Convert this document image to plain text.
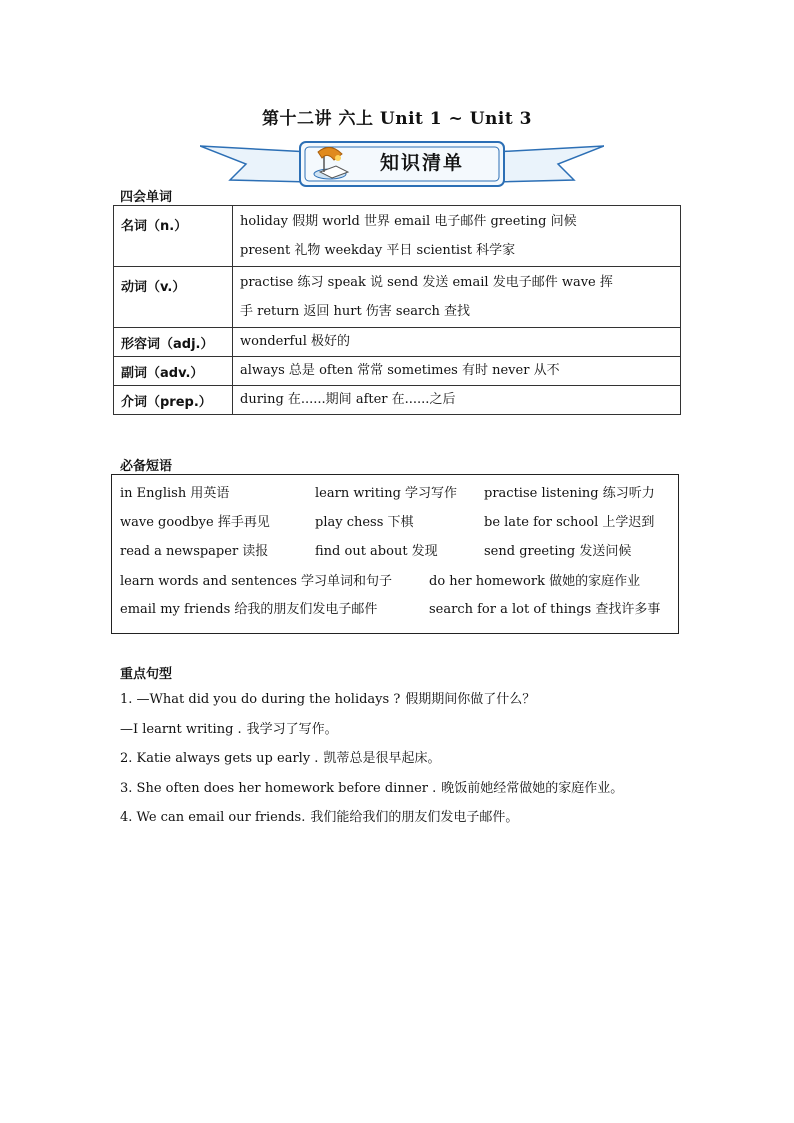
第十二讲 六上 Unit 1 ~ Unit 3
知识清单
四会单词
名词（n.）	holiday 假期 world 世界 email 电子邮件 greeting 问候
present 礼物 weekday 平日 scientist 科学家

动词（v.）	practise 练习 speak 说 send 发送 email 发电子邮件 wave 挥
手 return 返回 hurt 伤害 search 查找

形容词（adj.）	wonderful 极好的

副词（adv.）	always 总是 often 常常 sometimes 有时 never 从不

介词（prep.）	during 在......期间 after 在......之后
必备短语
in English 用英语	learn writing 学习写作 practise listening 练习听力
wave goodbye 挥手再见	play chess 下棋	be late for school 上学迟到
read a newspaper 读报	find out about 发现	send greeting 发送问候
learn words and sentences 学习单词和句子	do her homework 做她的家庭作业
email my friends 给我的朋友们发电子邮件	search for a lot of things 查找许多事
重点句型
1. —What did you do during the holidays ? 假期期间你做了什么？
—I learnt writing . 我学习了写作。
2. Katie always gets up early . 凯蒂总是很早起床。
3. She often does her homework before dinner . 晚饭前她经常做她的家庭作业。
4. We can email our friends. 我们能给我们的朋友们发电子邮件。
